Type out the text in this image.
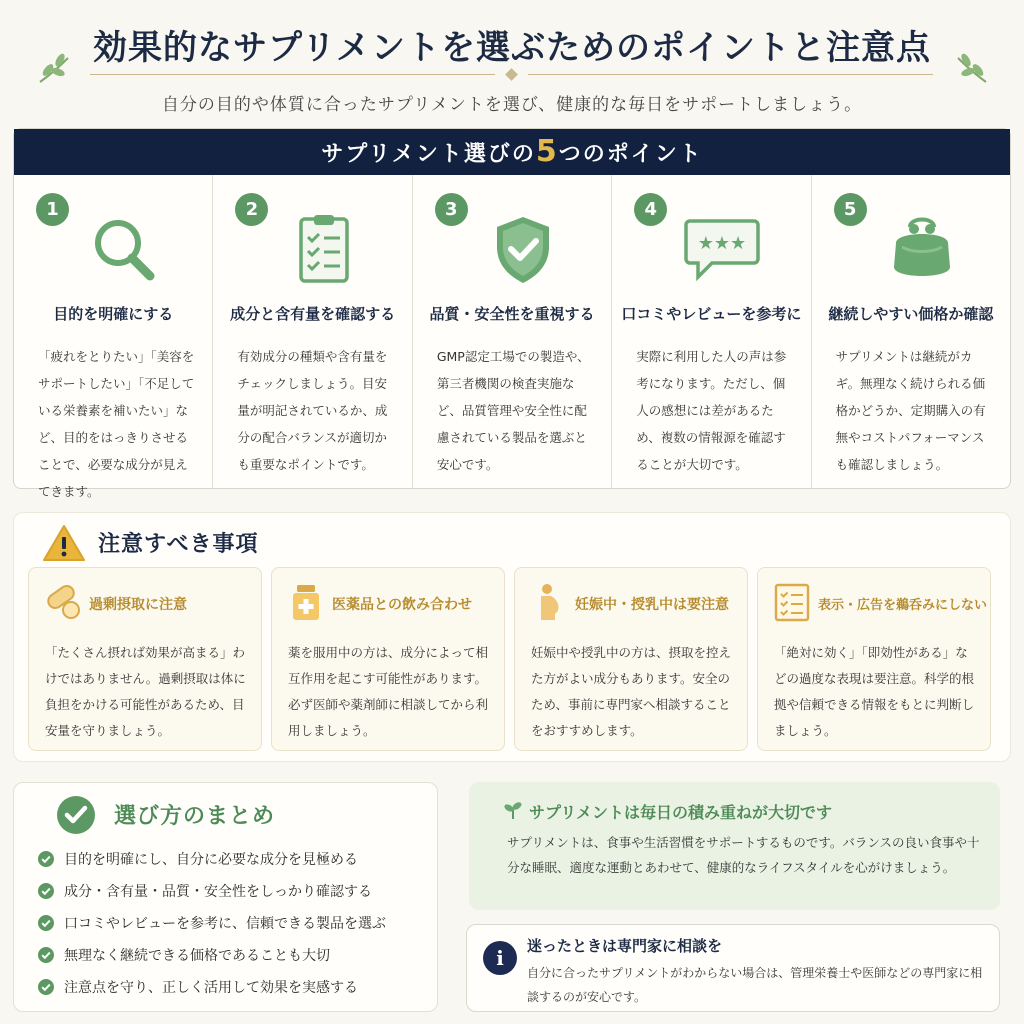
効果的なサプリメントを選ぶためのポイントと注意点

自分の目的や体質に合ったサプリメントを選び、健康的な毎日をサポートしましょう。

サプリメント選びの5つのポイント
1
目的を明確にする

「疲れをとりたい」「美容をサポートしたい」「不足している栄養素を補いたい」など、目的をはっきりさせることで、必要な成分が見えてきます。

2
成分と含有量を確認する

有効成分の種類や含有量をチェックしましょう。目安量が明記されているか、成分の配合バランスが適切かも重要なポイントです。

3
品質・安全性を重視する

GMP認定工場での製造や、第三者機関の検査実施など、品質管理や安全性に配慮されている製品を選ぶと安心です。

4
★★★
口コミやレビューを参考に

実際に利用した人の声は参考になります。ただし、個人の感想には差があるため、複数の情報源を確認することが大切です。

5
継続しやすい価格か確認

サプリメントは継続がカギ。無理なく続けられる価格かどうか、定期購入の有無やコストパフォーマンスも確認しましょう。

注意すべき事項
過剰摂取に注意

「たくさん摂れば効果が高まる」わけではありません。過剰摂取は体に負担をかける可能性があるため、目安量を守りましょう。

医薬品との飲み合わせ

薬を服用中の方は、成分によって相互作用を起こす可能性があります。必ず医師や薬剤師に相談してから利用しましょう。

妊娠中・授乳中は要注意

妊娠中や授乳中の方は、摂取を控えた方がよい成分もあります。安全のため、事前に専門家へ相談することをおすすめします。

表示・広告を鵜呑みにしない

「絶対に効く」「即効性がある」などの過度な表現は要注意。科学的根拠や信頼できる情報をもとに判断しましょう。

選び方のまとめ
目的を明確にし、自分に必要な成分を見極める
成分・含有量・品質・安全性をしっかり確認する
口コミやレビューを参考に、信頼できる製品を選ぶ
無理なく継続できる価格であることも大切
注意点を守り、正しく活用して効果を実感する
サプリメントは毎日の積み重ねが大切です

サプリメントは、食事や生活習慣をサポートするものです。バランスの良い食事や十分な睡眠、適度な運動とあわせて、健康的なライフスタイルを心がけましょう。

i	迷ったときは専門家に相談を

自分に合ったサプリメントがわからない場合は、管理栄養士や医師などの専門家に相談するのが安心です。
